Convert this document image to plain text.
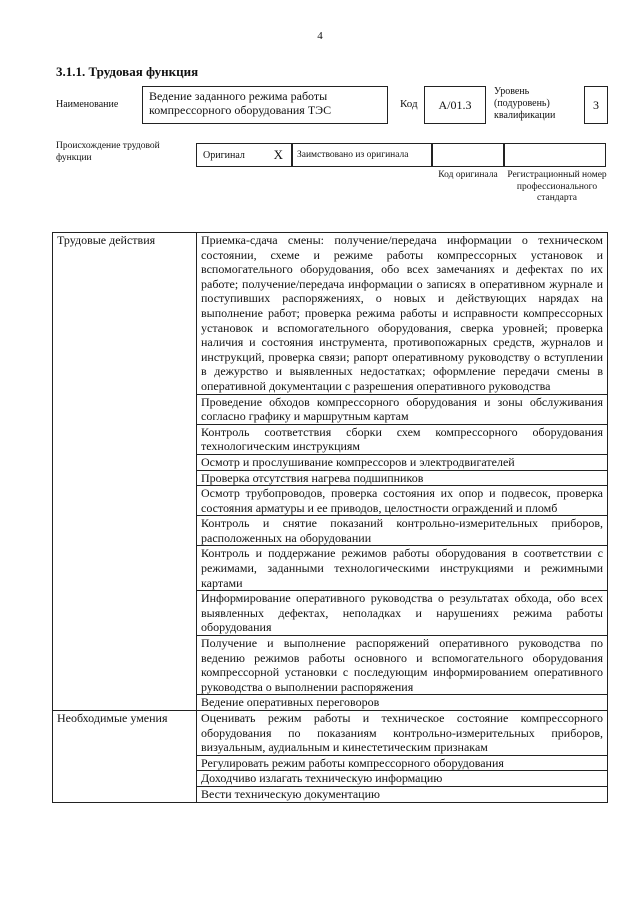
4
3.1.1. Трудовая функция
Наименование
Ведение заданного режима работы компрессорного оборудования ТЭС	Код	А/01.3
Уровень (подуровень) квалификации
3
Происхождение трудовой функции	Оригинал Х Заимствовано из оригинала
Код оригинала	Регистрационный номер профессионального стандарта
Трудовые действия	Приемка-сдача смены: получение/передача информации о техническом состоянии, схеме и режиме работы компрессорных установок и вспомогательного оборудования, обо всех замечаниях и дефектах по их работе; получение/передача информации о записях в оперативном журнале и поступивших распоряжениях, о новых и действующих нарядах на выполнение работ; проверка режима работы и исправности компрессорных установок и вспомогательного оборудования, сверка уровней; проверка наличия и состояния инструмента, противопожарных средств, журналов и инструкций, проверка связи; рапорт оперативному руководству о вступлении в дежурство и выявленных недостатках; оформление передачи смены в оперативной документации с разрешения оперативного руководства
	Проведение обходов компрессорного оборудования и зоны обслуживания согласно графику и маршрутным картам
	Контроль соответствия сборки схем компрессорного оборудования технологическим инструкциям
	Осмотр и прослушивание компрессоров и электродвигателей
	Проверка отсутствия нагрева подшипников
	Осмотр трубопроводов, проверка состояния их опор и подвесок, проверка состояния арматуры и ее приводов, целостности ограждений и пломб
	Контроль и снятие показаний контрольно-измерительных приборов, расположенных на оборудовании
	Контроль и поддержание режимов работы оборудования в соответствии с режимами, заданными технологическими инструкциями и режимными картами
	Информирование оперативного руководства о результатах обхода, обо всех выявленных дефектах, неполадках и нарушениях режима работы оборудования
	Получение и выполнение распоряжений оперативного руководства по ведению режимов работы основного и вспомогательного оборудования компрессорной установки с последующим информированием оперативного руководства о выполнении распоряжения
	Ведение оперативных переговоров
Необходимые умения	Оценивать режим работы и техническое состояние компрессорного оборудования по показаниям контрольно-измерительных приборов, визуальным, аудиальным и кинестетическим признакам
	Регулировать режим работы компрессорного оборудования
	Доходчиво излагать техническую информацию
	Вести техническую документацию
